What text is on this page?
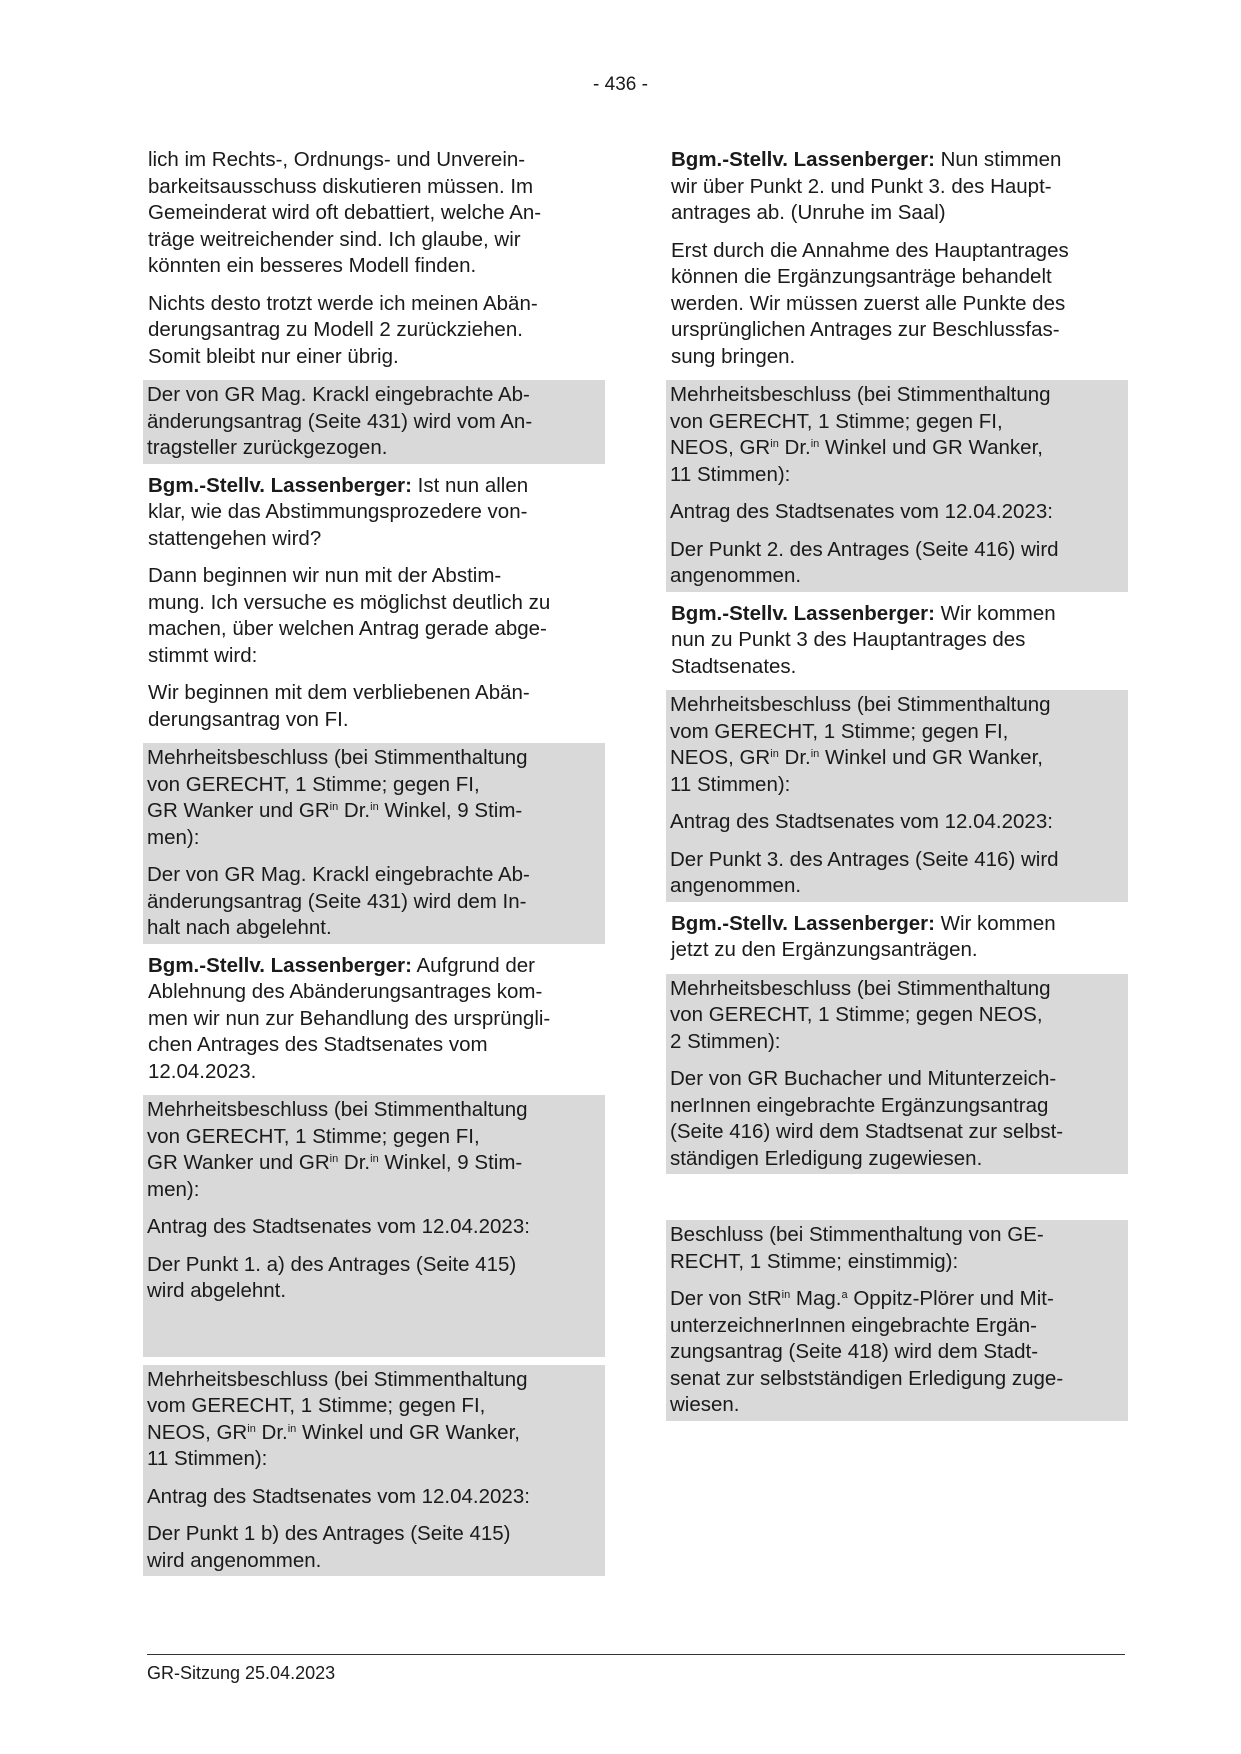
- 436 -

lich im Rechts-, Ordnungs- und Unverein-
barkeitsausschuss diskutieren müssen. Im
Gemeinderat wird oft debattiert, welche An-
träge weitreichender sind. Ich glaube, wir
könnten ein besseres Modell finden.

Nichts desto trotzt werde ich meinen Abän-
derungsantrag zu Modell 2 zurückziehen.
Somit bleibt nur einer übrig.

Der von GR Mag. Krackl eingebrachte Ab-
änderungsantrag (Seite 431) wird vom An-
tragsteller zurückgezogen.

Bgm.-Stellv. Lassenberger: Ist nun allen
klar, wie das Abstimmungsprozedere von-
stattengehen wird?

Dann beginnen wir nun mit der Abstim-
mung. Ich versuche es möglichst deutlich zu
machen, über welchen Antrag gerade abge-
stimmt wird:

Wir beginnen mit dem verbliebenen Abän-
derungsantrag von FI.

Mehrheitsbeschluss (bei Stimmenthaltung
von GERECHT, 1 Stimme; gegen FI,
GR Wanker und $GR^{in}$ Dr.$^{in}$ Winkel, 9 Stim-
men):

Der von GR Mag. Krackl eingebrachte Ab-
änderungsantrag (Seite 431) wird dem In-
halt nach abgelehnt.

Bgm.-Stellv. Lassenberger: Aufgrund der
Ablehnung des Abänderungsantrages kom-
men wir nun zur Behandlung des ursprüngli-
chen Antrages des Stadtsenates vom
12.04.2023.

Mehrheitsbeschluss (bei Stimmenthaltung
von GERECHT, 1 Stimme; gegen FI,
GR Wanker und $GR^{in}$ Dr.$^{in}$ Winkel, 9 Stim-
men):

Antrag des Stadtsenates vom 12.04.2023:

Der Punkt 1. a) des Antrages (Seite 415)
wird abgelehnt.

Mehrheitsbeschluss (bei Stimmenthaltung
vom GERECHT, 1 Stimme; gegen FI,
NEOS, $GR^{in}$ Dr.$^{in}$ Winkel und GR Wanker,
11 Stimmen):

Antrag des Stadtsenates vom 12.04.2023:

Der Punkt 1 b) des Antrages (Seite 415)
wird angenommen.

Bgm.-Stellv. Lassenberger: Nun stimmen
wir über Punkt 2. und Punkt 3. des Haupt-
antrages ab. (Unruhe im Saal)

Erst durch die Annahme des Hauptantrages
können die Ergänzungsanträge behandelt
werden. Wir müssen zuerst alle Punkte des
ursprünglichen Antrages zur Beschlussfas-
sung bringen.

Mehrheitsbeschluss (bei Stimmenthaltung
von GERECHT, 1 Stimme; gegen FI,
NEOS, $GR^{in}$ Dr.$^{in}$ Winkel und GR Wanker,
11 Stimmen):

Antrag des Stadtsenates vom 12.04.2023:

Der Punkt 2. des Antrages (Seite 416) wird
angenommen.

Bgm.-Stellv. Lassenberger: Wir kommen
nun zu Punkt 3 des Hauptantrages des
Stadtsenates.

Mehrheitsbeschluss (bei Stimmenthaltung
vom GERECHT, 1 Stimme; gegen FI,
NEOS, $GR^{in}$ Dr.$^{in}$ Winkel und GR Wanker,
11 Stimmen):

Antrag des Stadtsenates vom 12.04.2023:

Der Punkt 3. des Antrages (Seite 416) wird
angenommen.

Bgm.-Stellv. Lassenberger: Wir kommen
jetzt zu den Ergänzungsanträgen.

Mehrheitsbeschluss (bei Stimmenthaltung
von GERECHT, 1 Stimme; gegen NEOS,
2 Stimmen):

Der von GR Buchacher und Mitunterzeich-
nerInnen eingebrachte Ergänzungsantrag
(Seite 416) wird dem Stadtsenat zur selbst-
ständigen Erledigung zugewiesen.

Beschluss (bei Stimmenthaltung von GE-
RECHT, 1 Stimme; einstimmig):

Der von StR$^{in}$ Mag.$^a$ Oppitz-Plörer und Mit-
unterzeichnerInnen eingebrachte Ergän-
zungsantrag (Seite 418) wird dem Stadt-
senat zur selbstständigen Erledigung zuge-
wiesen.

GR-Sitzung 25.04.2023
